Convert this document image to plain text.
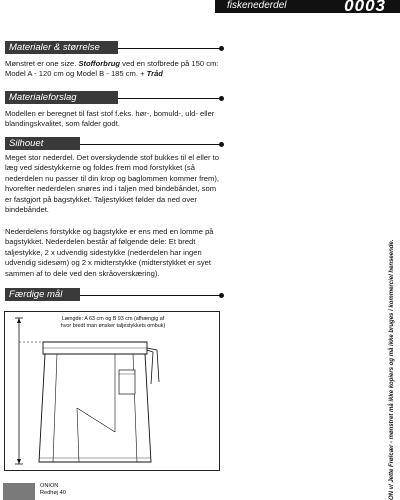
fiskenederdel	0003
Materialer & størrelse

Mønstret er one size. Stofforbrug ved en stofbrede på 150 cm: Model A - 120 cm og Model B - 185 cm. + Tråd

Materialeforslag

Modellen er beregnet til fast stof f.eks. hør-, bomuld-, uld- eller blandingskvalitet, som falder godt.

Silhouet

Meget stor nederdel. Det overskydende stof bukkes til el eller to læg ved sidestykkerne og foldes frem mod forstykket (så nederdelen nu passer til din krop og baglommen kommer frem), hvorefter nederdelen snøres ind i taljen med bindebåndet, som er fastgjort på bagstykket. Taljestykket følder da ned over bindebåndet.

Nederdelens forstykke og bagstykke er ens med en lomme på bagstykket. Nederdelen består af følgende dele: Et bredt taljestykke, 2 x udvendig sidestykke (nederdelen har ingen udvendig sidesøm) og 2 x midterstykke (midterstykket er syet sammen af to dele ved den skråoverskæring).

Færdige mål
Længde: A 63 cm og B 93 cm (afhængig af hvor bredt man ønsker taljestykkets ombuk)
ONION
Redhøj 40	ON v/ Jette Frølcær - mønstret må ikke kopiers og må ikke bruges i kommerciel henseende.
